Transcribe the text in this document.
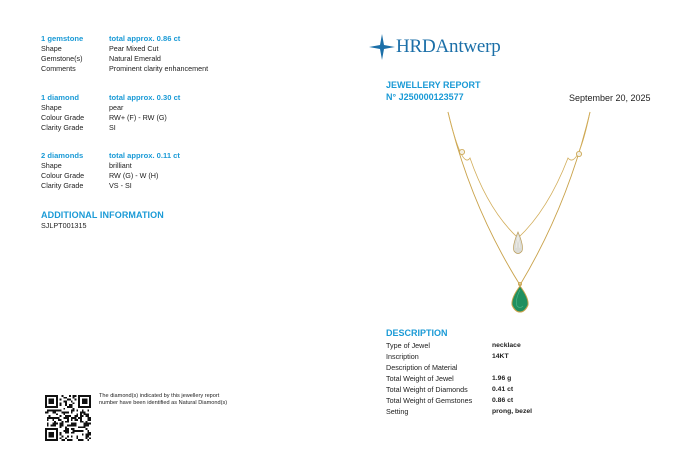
1 gemstone	total approx. 0.86 ct
Shape	Pear Mixed Cut
Gemstone(s)	Natural Emerald
Comments	Prominent clarity enhancement
1 diamond	total approx. 0.30 ct
Shape	pear
Colour Grade	RW+ (F) - RW (G)
Clarity Grade	SI
2 diamonds	total approx. 0.11 ct
Shape	brilliant
Colour Grade	RW (G) - W (H)
Clarity Grade	VS - SI
ADDITIONAL INFORMATION
SJLPT001315
The diamond(s) indicated by this jewellery report number have been identified as Natural Diamond(s)
HRDAntwerp
JEWELLERY REPORT
N° J250000123577	September 20, 2025
DESCRIPTION
Type of Jewel	necklace
Inscription	14KT
Description of Material
Total Weight of Jewel	1.96 g
Total Weight of Diamonds	0.41 ct
Total Weight of Gemstones	0.86 ct
Setting	prong, bezel
